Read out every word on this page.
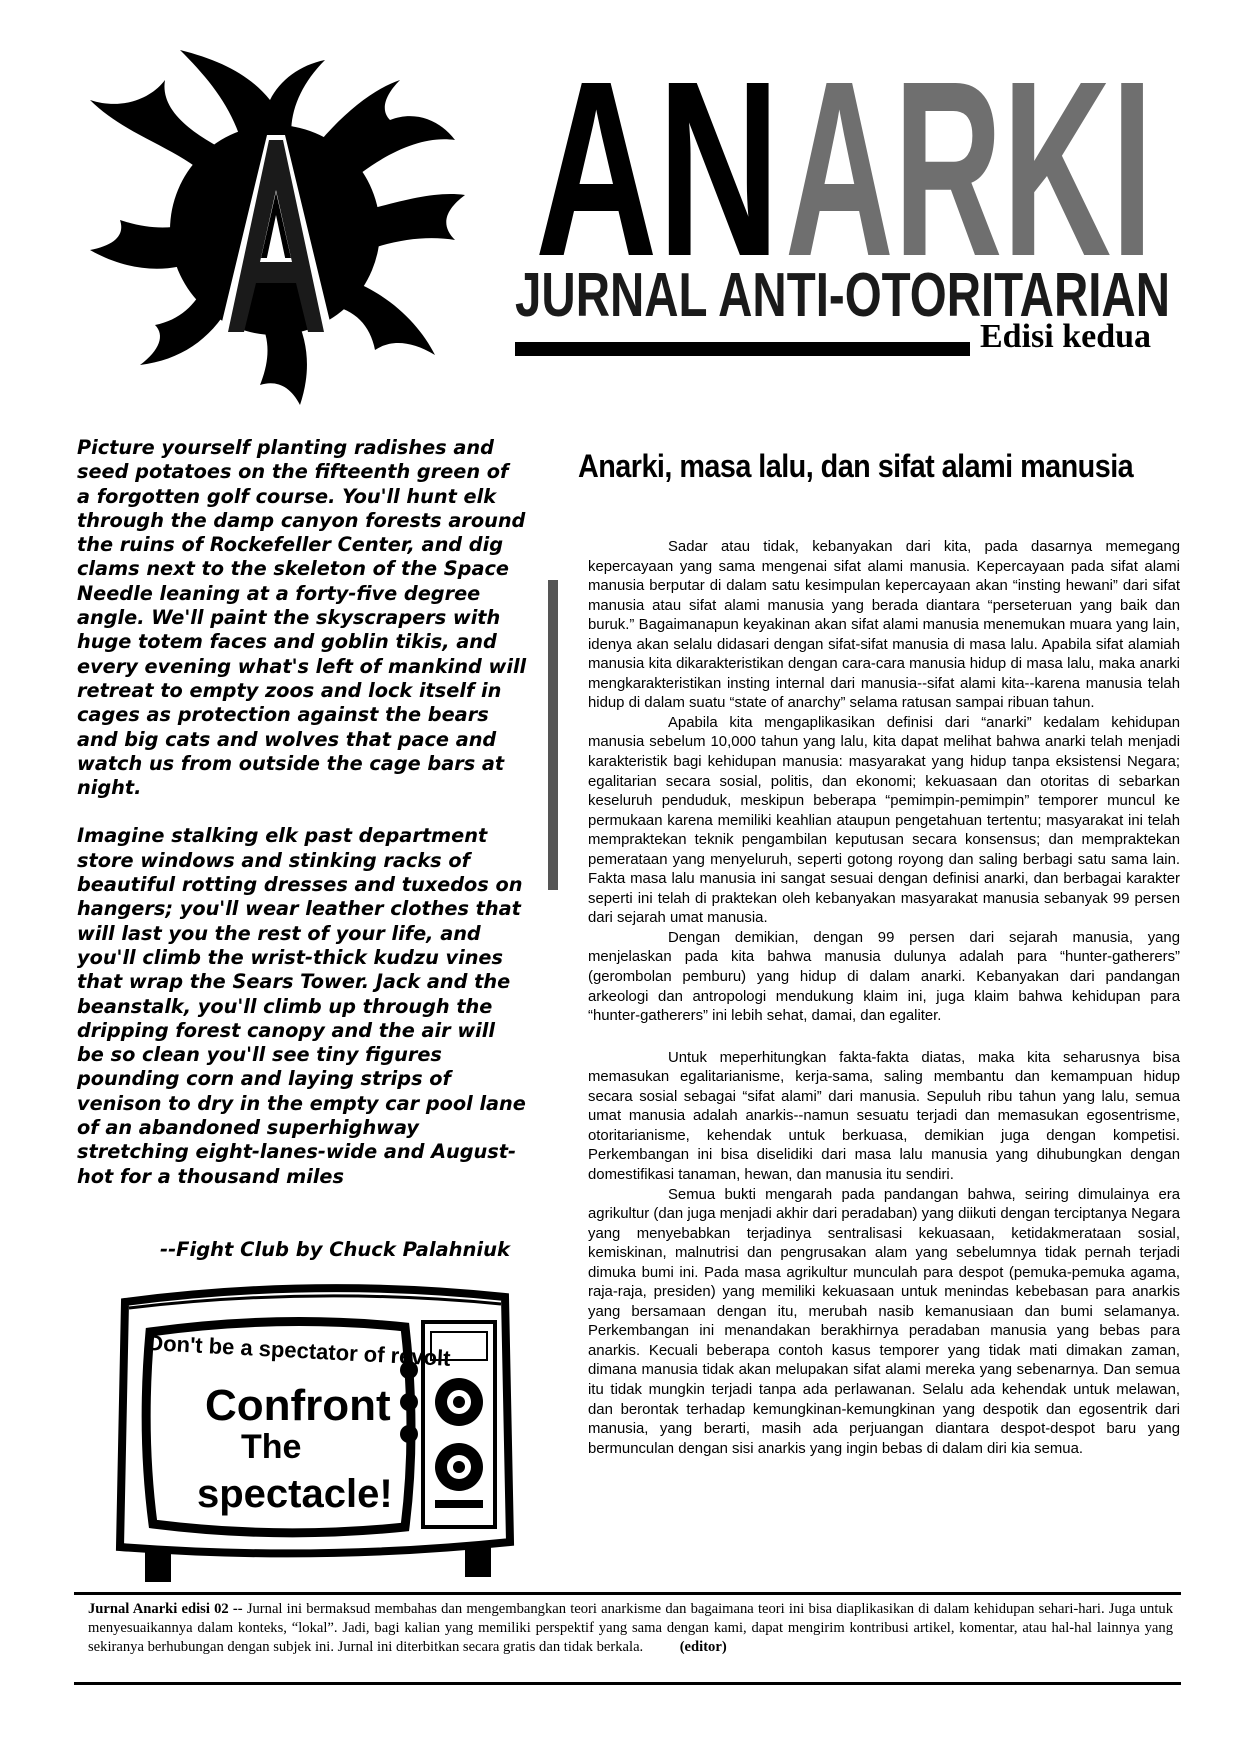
AN ARKI
JURNAL ANTI-OTORITARIAN
Edisi kedua

Picture yourself planting radishes and seed potatoes on the fifteenth green of a forgotten golf course. You'll hunt elk through the damp canyon forests around the ruins of Rockefeller Center, and dig clams next to the skeleton of the Space Needle leaning at a forty-five degree angle. We'll paint the skyscrapers with huge totem faces and goblin tikis, and every evening what's left of mankind will retreat to empty zoos and lock itself in cages as protection against the bears and big cats and wolves that pace and watch us from outside the cage bars at night.

Imagine stalking elk past department store windows and stinking racks of beautiful rotting dresses and tuxedos on hangers; you'll wear leather clothes that will last you the rest of your life, and you'll climb the wrist-thick kudzu vines that wrap the Sears Tower. Jack and the beanstalk, you'll climb up through the dripping forest canopy and the air will be so clean you'll see tiny figures pounding corn and laying strips of venison to dry in the empty car pool lane of an abandoned superhighway stretching eight-lanes-wide and August-hot for a thousand miles

--Fight Club by Chuck Palahniuk
Don't be a spectator of revolt
Confront
The
spectacle!
Anarki, masa lalu, dan sifat alami manusia

Sadar atau tidak, kebanyakan dari kita, pada dasarnya memegang kepercayaan yang sama mengenai sifat alami manusia. Kepercayaan pada sifat alami manusia berputar di dalam satu kesimpulan kepercayaan akan “insting hewani” dari sifat manusia atau sifat alami manusia yang berada diantara “perseteruan yang baik dan buruk.” Bagaimanapun keyakinan akan sifat alami manusia menemukan muara yang lain, idenya akan selalu didasari dengan sifat-sifat manusia di masa lalu. Apabila sifat alamiah manusia kita dikarakteristikan dengan cara-cara manusia hidup di masa lalu, maka anarki mengkarakteristikan insting internal dari manusia--sifat alami kita--karena manusia telah hidup di dalam suatu “state of anarchy” selama ratusan sampai ribuan tahun.

Apabila kita mengaplikasikan definisi dari “anarki” kedalam kehidupan manusia sebelum 10,000 tahun yang lalu, kita dapat melihat bahwa anarki telah menjadi karakteristik bagi kehidupan manusia: masyarakat yang hidup tanpa eksistensi Negara; egalitarian secara sosial, politis, dan ekonomi; kekuasaan dan otoritas di sebarkan keseluruh penduduk, meskipun beberapa “pemimpin-pemimpin” temporer muncul ke permukaan karena memiliki keahlian ataupun pengetahuan tertentu; masyarakat ini telah mempraktekan teknik pengambilan keputusan secara konsensus; dan mempraktekan pemerataan yang menyeluruh, seperti gotong royong dan saling berbagi satu sama lain. Fakta masa lalu manusia ini sangat sesuai dengan definisi anarki, dan berbagai karakter seperti ini telah di praktekan oleh kebanyakan masyarakat manusia sebanyak 99 persen dari sejarah umat manusia.

Dengan demikian, dengan 99 persen dari sejarah manusia, yang menjelaskan pada kita bahwa manusia dulunya adalah para “hunter-gatherers” (gerombolan pemburu) yang hidup di dalam anarki. Kebanyakan dari pandangan arkeologi dan antropologi mendukung klaim ini, juga klaim bahwa kehidupan para “hunter-gatherers” ini lebih sehat, damai, dan egaliter.

Untuk meperhitungkan fakta-fakta diatas, maka kita seharusnya bisa memasukan egalitarianisme, kerja-sama, saling membantu dan kemampuan hidup secara sosial sebagai “sifat alami” dari manusia. Sepuluh ribu tahun yang lalu, semua umat manusia adalah anarkis--namun sesuatu terjadi dan memasukan egosentrisme, otoritarianisme, kehendak untuk berkuasa, demikian juga dengan kompetisi. Perkembangan ini bisa diselidiki dari masa lalu manusia yang dihubungkan dengan domestifikasi tanaman, hewan, dan manusia itu sendiri.

Semua bukti mengarah pada pandangan bahwa, seiring dimulainya era agrikultur (dan juga menjadi akhir dari peradaban) yang diikuti dengan terciptanya Negara yang menyebabkan terjadinya sentralisasi kekuasaan, ketidakmerataan sosial, kemiskinan, malnutrisi dan pengrusakan alam yang sebelumnya tidak pernah terjadi dimuka bumi ini. Pada masa agrikultur munculah para despot (pemuka-pemuka agama, raja-raja, presiden) yang memiliki kekuasaan untuk menindas kebebasan para anarkis yang bersamaan dengan itu, merubah nasib kemanusiaan dan bumi selamanya. Perkembangan ini menandakan berakhirnya peradaban manusia yang bebas para anarkis. Kecuali beberapa contoh kasus temporer yang tidak mati dimakan zaman, dimana manusia tidak akan melupakan sifat alami mereka yang sebenarnya. Dan semua itu tidak mungkin terjadi tanpa ada perlawanan. Selalu ada kehendak untuk melawan, dan berontak terhadap kemungkinan-kemungkinan yang despotik dan egosentrik dari manusia, yang berarti, masih ada perjuangan diantara despot-despot baru yang bermunculan dengan sisi anarkis yang ingin bebas di dalam diri kia semua.

Jurnal Anarki edisi 02 -- Jurnal ini bermaksud membahas dan mengembangkan teori anarkisme dan bagaimana teori ini bisa diaplikasikan di dalam kehidupan sehari-hari. Juga untuk menyesuaikannya dalam konteks, “lokal”. Jadi, bagi kalian yang memiliki perspektif yang sama dengan kami, dapat mengirim kontribusi artikel, komentar, atau hal-hal lainnya yang sekiranya berhubungan dengan subjek ini. Jurnal ini diterbitkan secara gratis dan tidak berkala. (editor)
